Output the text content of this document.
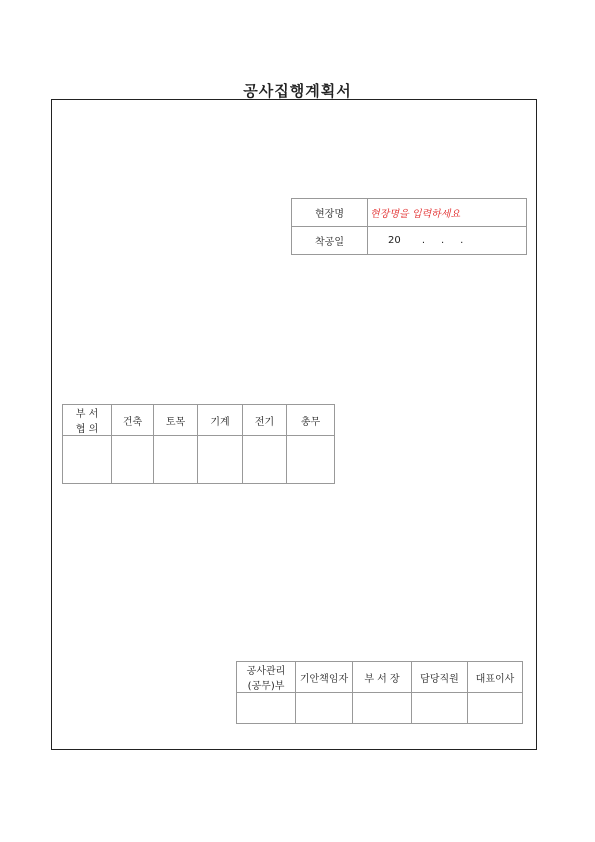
공사집행계획서
현장명	현장명을 입력하세요
착공일	20 .     .     .
부 서
협 의	건축	토목	기계	전기	총무

공사관리
(공무)부	기안책임자	부 서 장	담당직원	대표이사
